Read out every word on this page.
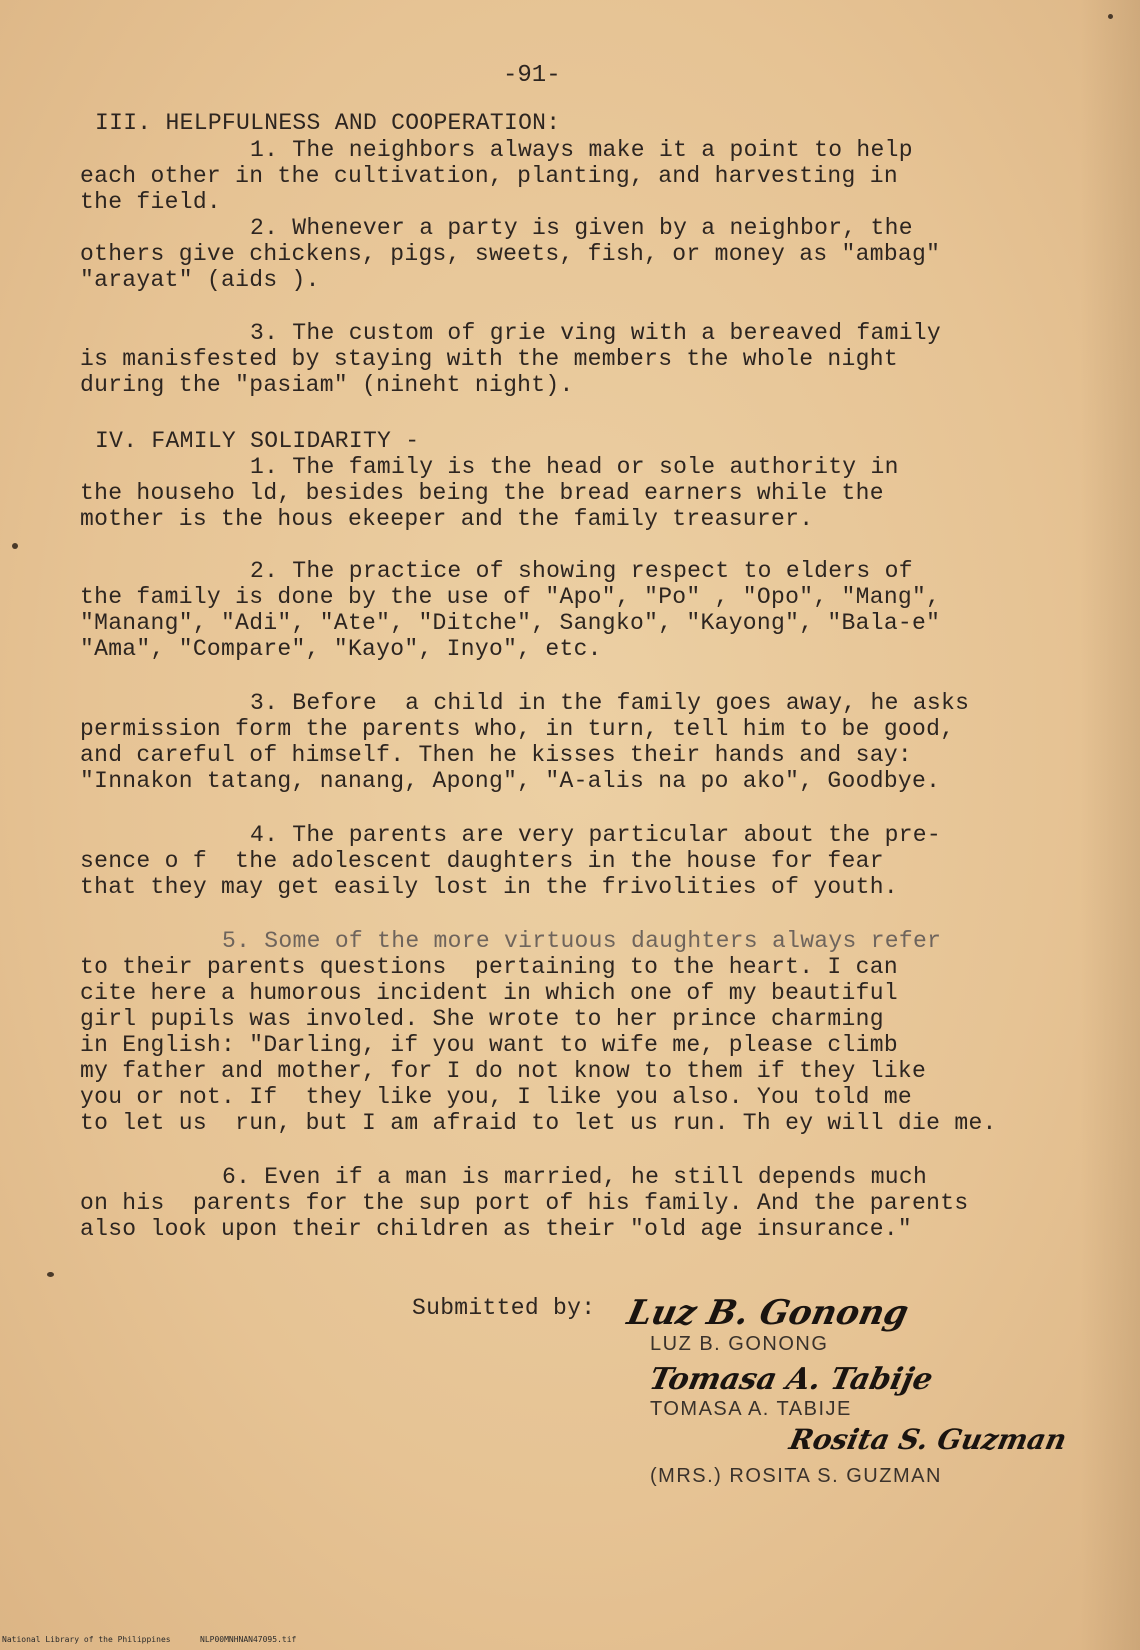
-91-
III. HELPFULNESS AND COOPERATION:
1. The neighbors always make it a point to help
each other in the cultivation, planting, and harvesting in
the field.
2. Whenever a party is given by a neighbor, the
others give chickens, pigs, sweets, fish, or money as "ambag"
"arayat" (aids ).
3. The custom of grie ving with a bereaved family
is manisfested by staying with the members the whole night
during the "pasiam" (nineht night).
IV. FAMILY SOLIDARITY -
1. The family is the head or sole authority in
the househo ld, besides being the bread earners while the
mother is the hous ekeeper and the family treasurer.
2. The practice of showing respect to elders of
the family is done by the use of "Apo", "Po" , "Opo", "Mang",
"Manang", "Adi", "Ate", "Ditche", Sangko", "Kayong", "Bala-e"
"Ama", "Compare", "Kayo", Inyo", etc.
3. Before  a child in the family goes away, he asks
permission form the parents who, in turn, tell him to be good,
and careful of himself. Then he kisses their hands and say:
"Innakon tatang, nanang, Apong", "A-alis na po ako", Goodbye.
4. The parents are very particular about the pre-
sence o f  the adolescent daughters in the house for fear
that they may get easily lost in the frivolities of youth.
5. Some of the more virtuous daughters always refer
to their parents questions  pertaining to the heart. I can
cite here a humorous incident in which one of my beautiful
girl pupils was involed. She wrote to her prince charming
in English: "Darling, if you want to wife me, please climb
my father and mother, for I do not know to them if they like
you or not. If  they like you, I like you also. You told me
to let us  run, but I am afraid to let us run. Th ey will die me.
6. Even if a man is married, he still depends much
on his  parents for the sup port of his family. And the parents
also look upon their children as their "old age insurance."
Submitted by: Luz B. Gonong
LUZ B. GONONG
Tomasa A. Tabije
TOMASA A. TABIJE
Rosita S. Guzman
(MRS.) ROSITA S. GUZMAN
National Library of the Philippines	NLP00MNHNAN47095.tif
